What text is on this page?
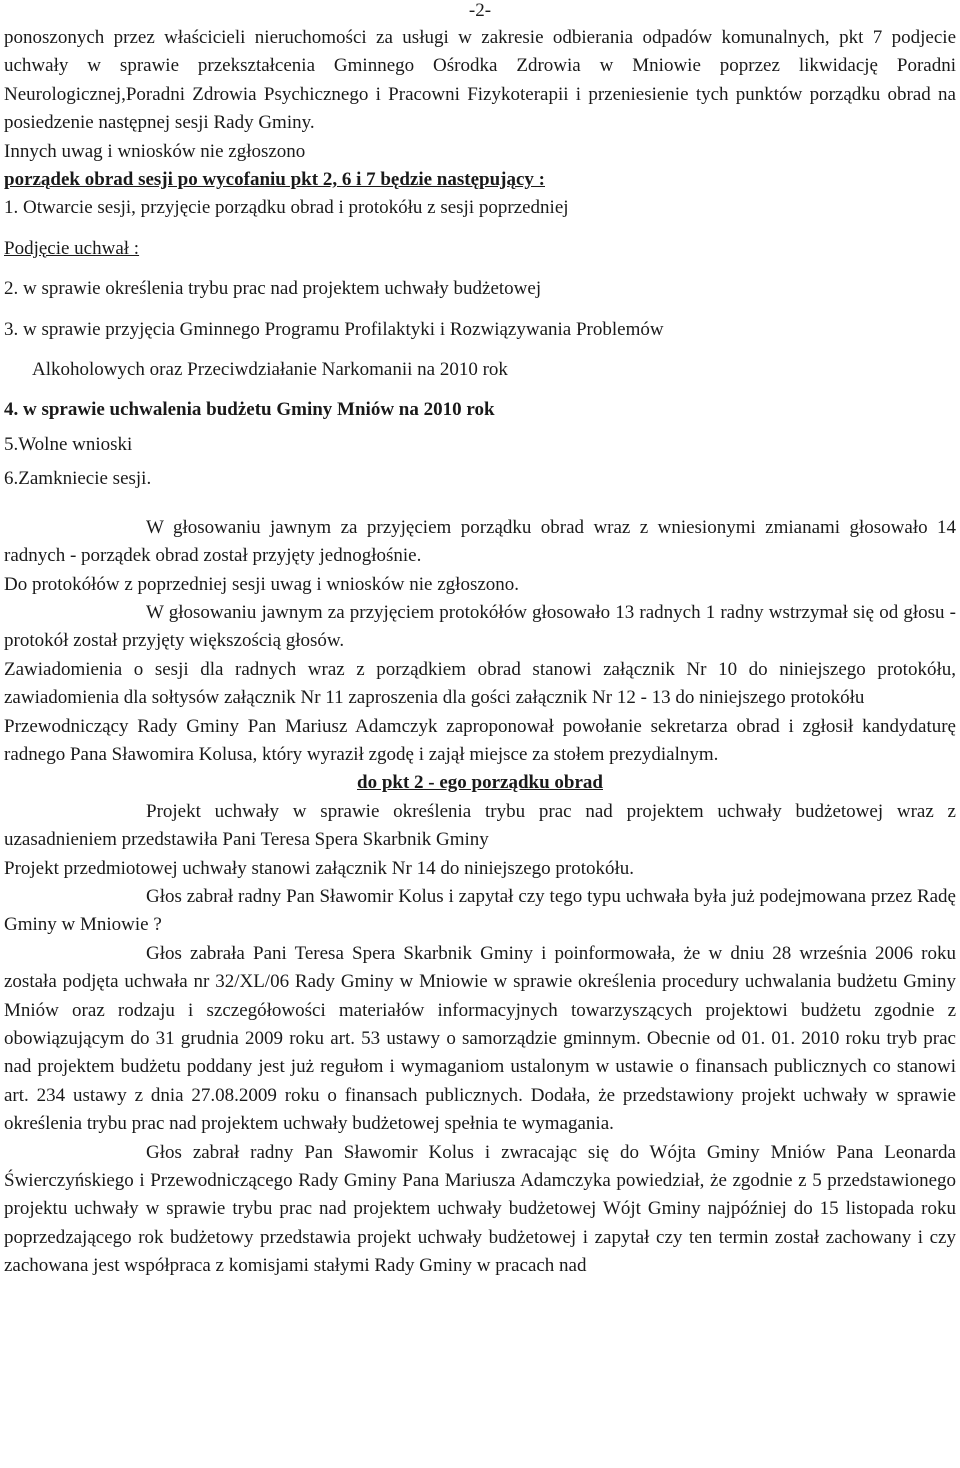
-2-

ponoszonych przez właścicieli nieruchomości za usługi w zakresie odbierania odpadów komunalnych, pkt 7 podjecie uchwały w sprawie przekształcenia Gminnego Ośrodka Zdrowia w Mniowie poprzez likwidację Poradni Neurologicznej,Poradni Zdrowia Psychicznego i Pracowni Fizykoterapii i przeniesienie tych punktów porządku obrad na posiedzenie następnej sesji Rady Gminy.

Innych uwag i wniosków nie zgłoszono

porządek obrad sesji po wycofaniu pkt 2, 6 i 7 będzie następujący :

1. Otwarcie sesji, przyjęcie porządku obrad i protokółu z sesji poprzedniej

Podjęcie uchwał :

2. w sprawie określenia trybu prac nad projektem uchwały budżetowej

3. w sprawie przyjęcia Gminnego Programu Profilaktyki i Rozwiązywania Problemów

Alkoholowych oraz Przeciwdziałanie Narkomanii na 2010 rok

4. w sprawie uchwalenia budżetu Gminy Mniów na 2010 rok

5.Wolne wnioski

6.Zamkniecie sesji.

W głosowaniu jawnym za przyjęciem porządku obrad wraz z wniesionymi zmianami głosowało 14 radnych - porządek obrad został przyjęty jednogłośnie.

Do protokółów z poprzedniej sesji uwag i wniosków nie zgłoszono.

W głosowaniu jawnym za przyjęciem protokółów głosowało 13 radnych 1 radny wstrzymał się od głosu - protokół został przyjęty większością głosów.

Zawiadomienia o sesji dla radnych wraz z porządkiem obrad stanowi załącznik Nr 10 do niniejszego protokółu, zawiadomienia dla sołtysów załącznik Nr 11 zaproszenia dla gości załącznik Nr 12 - 13 do niniejszego protokółu

Przewodniczący Rady Gminy Pan Mariusz Adamczyk zaproponował powołanie sekretarza obrad i zgłosił kandydaturę radnego Pana Sławomira Kolusa, który wyraził zgodę i zajął miejsce za stołem prezydialnym.

do pkt 2 - ego porządku obrad

Projekt uchwały w sprawie określenia trybu prac nad projektem uchwały budżetowej wraz z uzasadnieniem przedstawiła Pani Teresa Spera Skarbnik Gminy

Projekt przedmiotowej uchwały stanowi załącznik Nr 14 do niniejszego protokółu.

Głos zabrał radny Pan Sławomir Kolus i zapytał czy tego typu uchwała była już podejmowana przez Radę Gminy w Mniowie ?

Głos zabrała Pani Teresa Spera Skarbnik Gminy i poinformowała, że w dniu 28 września 2006 roku została podjęta uchwała nr 32/XL/06 Rady Gminy w Mniowie w sprawie określenia procedury uchwalania budżetu Gminy Mniów oraz rodzaju i szczegółowości materiałów informacyjnych towarzyszących projektowi budżetu zgodnie z obowiązującym do 31 grudnia 2009 roku art. 53 ustawy o samorządzie gminnym. Obecnie od 01. 01. 2010 roku tryb prac nad projektem budżetu poddany jest już regułom i wymaganiom ustalonym w ustawie o finansach publicznych co stanowi art. 234 ustawy z dnia 27.08.2009 roku o finansach publicznych. Dodała, że przedstawiony projekt uchwały w sprawie określenia trybu prac nad projektem uchwały budżetowej spełnia te wymagania.

Głos zabrał radny Pan Sławomir Kolus i zwracając się do Wójta Gminy Mniów Pana Leonarda Świerczyńskiego i Przewodniczącego Rady Gminy Pana Mariusza Adamczyka powiedział, że zgodnie z 5 przedstawionego projektu uchwały w sprawie trybu prac nad projektem uchwały budżetowej Wójt Gminy najpóźniej do 15 listopada roku poprzedzającego rok budżetowy przedstawia projekt uchwały budżetowej i zapytał czy ten termin został zachowany i czy zachowana jest współpraca z komisjami stałymi Rady Gminy w pracach nad
